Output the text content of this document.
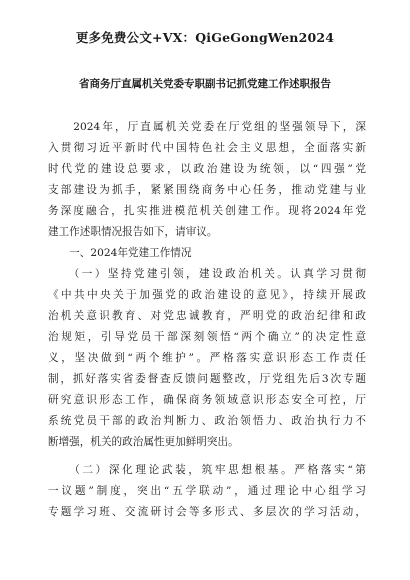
更多免费公文+VX：QiGeGongWen2024
省商务厅直属机关党委专职副书记抓党建工作述职报告
　　2024年，厅直属机关党委在厅党组的坚强领导下，深
入贯彻习近平新时代中国特色社会主义思想，全面落实新
时代党的建设总要求，以政治建设为统领，以“四强”党
支部建设为抓手，紧紧围绕商务中心任务，推动党建与业
务深度融合，扎实推进模范机关创建工作。现将2024年党
建工作述职情况报告如下，请审议。
　　一、2024年党建工作情况
　　（一）坚持党建引领，建设政治机关。认真学习贯彻
《中共中央关于加强党的政治建设的意见》，持续开展政
治机关意识教育、对党忠诚教育，严明党的政治纪律和政
治规矩，引导党员干部深刻领悟“两个确立”的决定性意
义，坚决做到“两个维护”。严格落实意识形态工作责任
制，抓好落实省委督查反馈问题整改，厅党组先后3次专题
研究意识形态工作，确保商务领域意识形态安全可控，厅
系统党员干部的政治判断力、政治领悟力、政治执行力不
断增强，机关的政治属性更加鲜明突出。
　　（二）深化理论武装，筑牢思想根基。严格落实“第
一议题”制度，突出“五学联动”，通过理论中心组学习
专题学习班、交流研讨会等多形式、多层次的学习活动，
